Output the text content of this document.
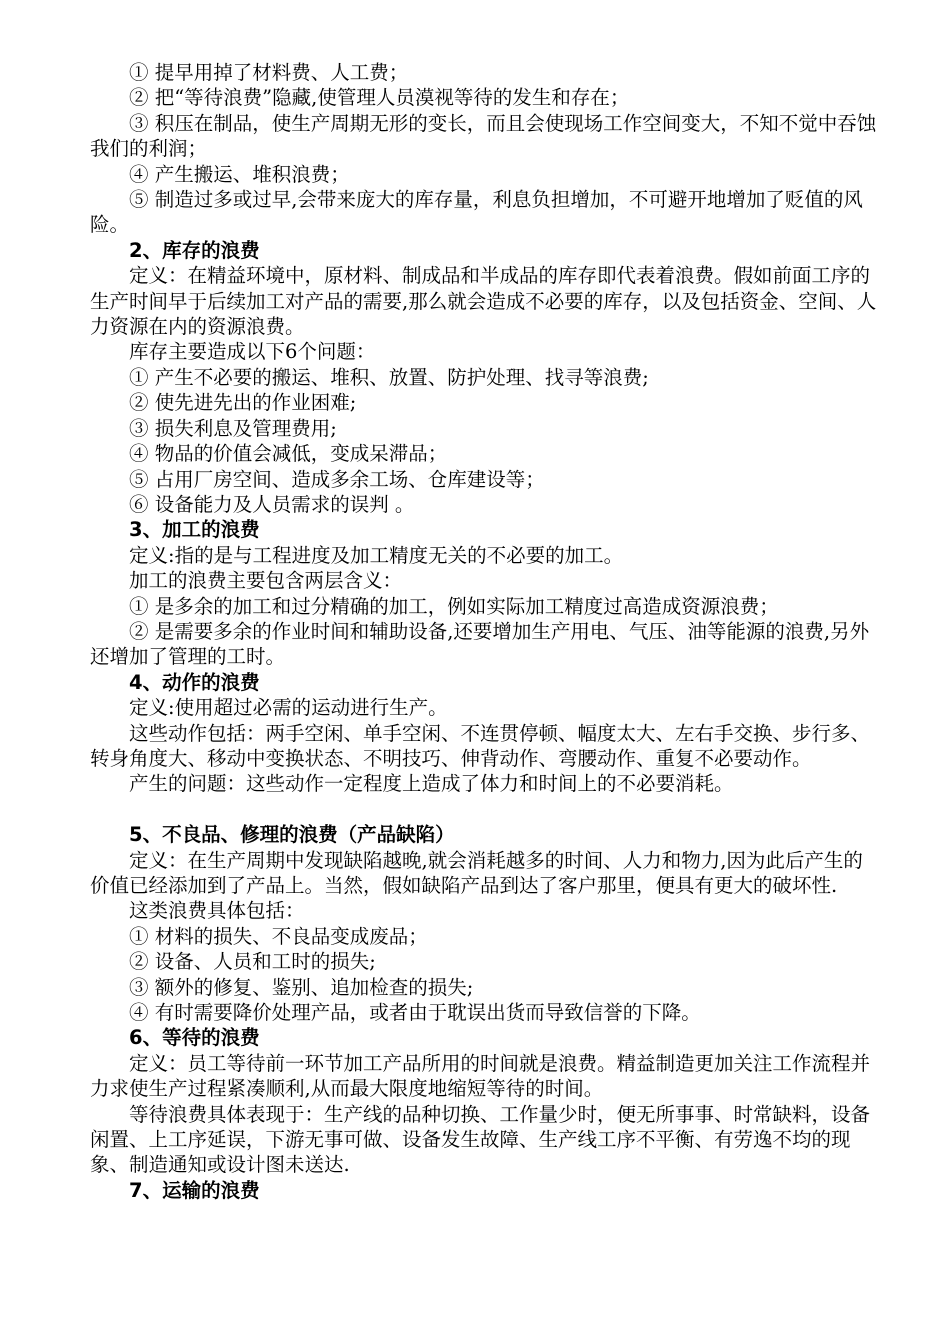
① 提早用掉了材料费、人工费；
② 把“等待浪费”隐藏,使管理人员漠视等待的发生和存在；
③ 积压在制品，使生产周期无形的变长，而且会使现场工作空间变大，不知不觉中吞蚀我们的利润；
④ 产生搬运、堆积浪费；
⑤ 制造过多或过早,会带来庞大的库存量，利息负担增加，不可避开地增加了贬值的风险。
2、库存的浪费
定义：在精益环境中，原材料、制成品和半成品的库存即代表着浪费。假如前面工序的生产时间早于后续加工对产品的需要,那么就会造成不必要的库存，以及包括资金、空间、人力资源在内的资源浪费。
库存主要造成以下6个问题：
① 产生不必要的搬运、堆积、放置、防护处理、找寻等浪费;
② 使先进先出的作业困难;
③ 损失利息及管理费用;
④ 物品的价值会减低，变成呆滞品；
⑤ 占用厂房空间、造成多余工场、仓库建设等；
⑥ 设备能力及人员需求的误判 。
3、加工的浪费
定义:指的是与工程进度及加工精度无关的不必要的加工。
加工的浪费主要包含两层含义：
① 是多余的加工和过分精确的加工，例如实际加工精度过高造成资源浪费；
② 是需要多余的作业时间和辅助设备,还要增加生产用电、气压、油等能源的浪费,另外还增加了管理的工时。
4、动作的浪费
定义:使用超过必需的运动进行生产。
这些动作包括：两手空闲、单手空闲、不连贯停顿、幅度太大、左右手交换、步行多、转身角度大、移动中变换状态、不明技巧、伸背动作、弯腰动作、重复不必要动作。
产生的问题：这些动作一定程度上造成了体力和时间上的不必要消耗。
5、不良品、修理的浪费（产品缺陷）
定义：在生产周期中发现缺陷越晚,就会消耗越多的时间、人力和物力,因为此后产生的价值已经添加到了产品上。当然，假如缺陷产品到达了客户那里，便具有更大的破坏性.
这类浪费具体包括：
① 材料的损失、不良品变成废品；
② 设备、人员和工时的损失;
③ 额外的修复、鉴别、追加检查的损失;
④ 有时需要降价处理产品，或者由于耽误出货而导致信誉的下降。
6、等待的浪费
定义：员工等待前一环节加工产品所用的时间就是浪费。精益制造更加关注工作流程并力求使生产过程紧凑顺利,从而最大限度地缩短等待的时间。
等待浪费具体表现于：生产线的品种切换、工作量少时，便无所事事、时常缺料，设备闲置、上工序延误，下游无事可做、设备发生故障、生产线工序不平衡、有劳逸不均的现象、制造通知或设计图未送达.
7、运输的浪费
